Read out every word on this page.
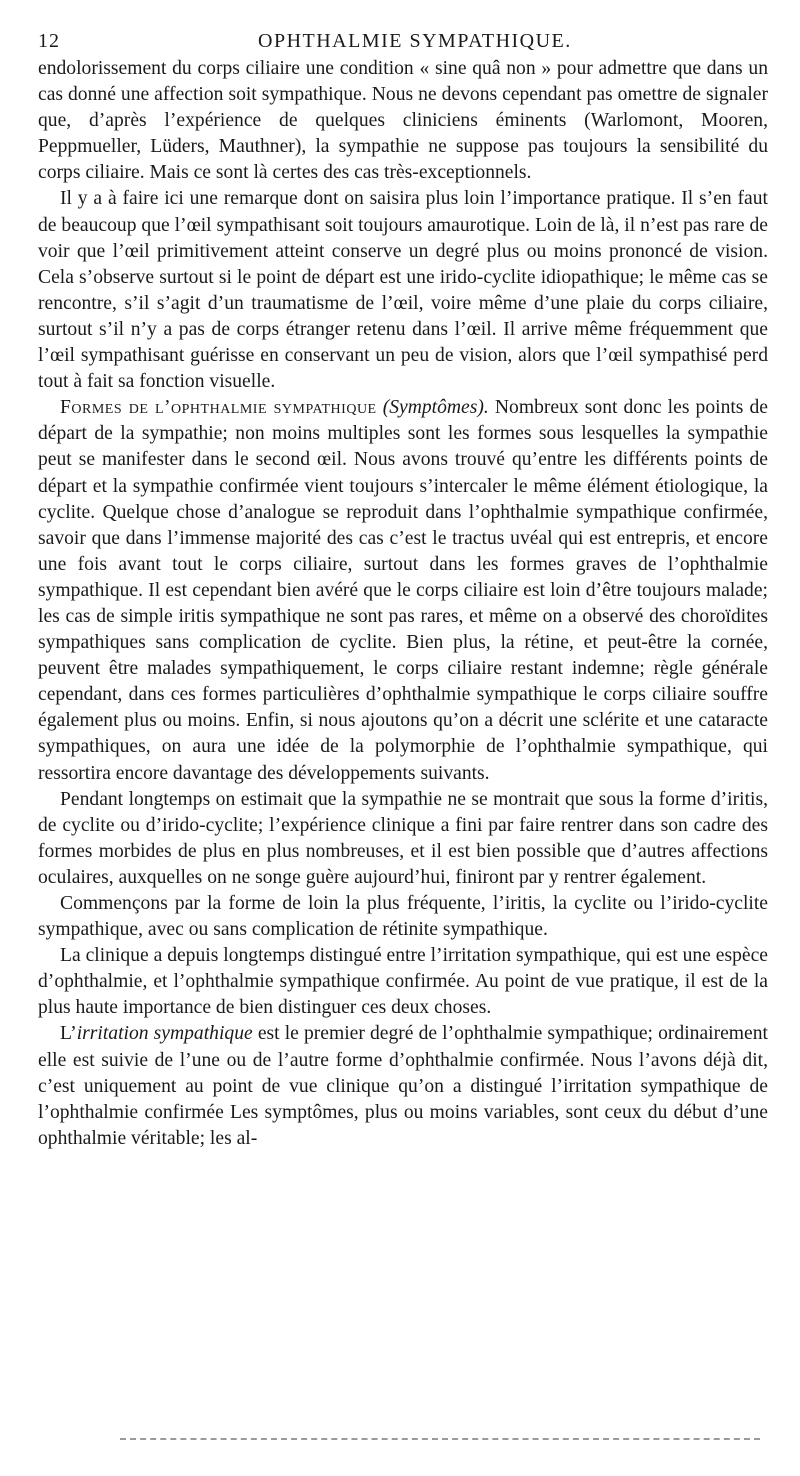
12	OPHTHALMIE SYMPATHIQUE.

endolorissement du corps ciliaire une condition « sine quâ non » pour admettre que dans un cas donné une affection soit sympathique. Nous ne devons cependant pas omettre de signaler que, d’après l’expérience de quelques cliniciens éminents (Warlomont, Mooren, Peppmueller, Lüders, Mauthner), la sympathie ne suppose pas toujours la sensibilité du corps ciliaire. Mais ce sont là certes des cas très-exceptionnels.

Il y a à faire ici une remarque dont on saisira plus loin l’importance pratique. Il s’en faut de beaucoup que l’œil sympathisant soit toujours amaurotique. Loin de là, il n’est pas rare de voir que l’œil primitivement atteint conserve un degré plus ou moins prononcé de vision. Cela s’observe surtout si le point de départ est une irido-cyclite idiopathique; le même cas se rencontre, s’il s’agit d’un traumatisme de l’œil, voire même d’une plaie du corps ciliaire, surtout s’il n’y a pas de corps étranger retenu dans l’œil. Il arrive même fréquemment que l’œil sympathisant guérisse en conservant un peu de vision, alors que l’œil sympathisé perd tout à fait sa fonction visuelle.

Formes de l’ophthalmie sympathique (Symptômes). Nombreux sont donc les points de départ de la sympathie; non moins multiples sont les formes sous lesquelles la sympathie peut se manifester dans le second œil. Nous avons trouvé qu’entre les différents points de départ et la sympathie confirmée vient toujours s’intercaler le même élément étiologique, la cyclite. Quelque chose d’analogue se reproduit dans l’ophthalmie sympathique confirmée, savoir que dans l’immense majorité des cas c’est le tractus uvéal qui est entrepris, et encore une fois avant tout le corps ciliaire, surtout dans les formes graves de l’ophthalmie sympathique. Il est cependant bien avéré que le corps ciliaire est loin d’être toujours malade; les cas de simple iritis sympathique ne sont pas rares, et même on a observé des choroïdites sympathiques sans complication de cyclite. Bien plus, la rétine, et peut-être la cornée, peuvent être malades sympathiquement, le corps ciliaire restant indemne; règle générale cependant, dans ces formes particulières d’ophthalmie sympathique le corps ciliaire souffre également plus ou moins. Enfin, si nous ajoutons qu’on a décrit une sclérite et une cataracte sympathiques, on aura une idée de la polymorphie de l’ophthalmie sympathique, qui ressortira encore davantage des développements suivants.

Pendant longtemps on estimait que la sympathie ne se montrait que sous la forme d’iritis, de cyclite ou d’irido-cyclite; l’expérience clinique a fini par faire rentrer dans son cadre des formes morbides de plus en plus nombreuses, et il est bien possible que d’autres affections oculaires, auxquelles on ne songe guère aujourd’hui, finiront par y rentrer également.

Commençons par la forme de loin la plus fréquente, l’iritis, la cyclite ou l’irido-cyclite sympathique, avec ou sans complication de rétinite sympathique.

La clinique a depuis longtemps distingué entre l’irritation sympathique, qui est une espèce d’ophthalmie, et l’ophthalmie sympathique confirmée. Au point de vue pratique, il est de la plus haute importance de bien distinguer ces deux choses.

L’irritation sympathique est le premier degré de l’ophthalmie sympathique; ordinairement elle est suivie de l’une ou de l’autre forme d’ophthalmie confirmée. Nous l’avons déjà dit, c’est uniquement au point de vue clinique qu’on a distingué l’irritation sympathique de l’ophthalmie confirmée Les symptômes, plus ou moins variables, sont ceux du début d’une ophthalmie véritable; les al-
